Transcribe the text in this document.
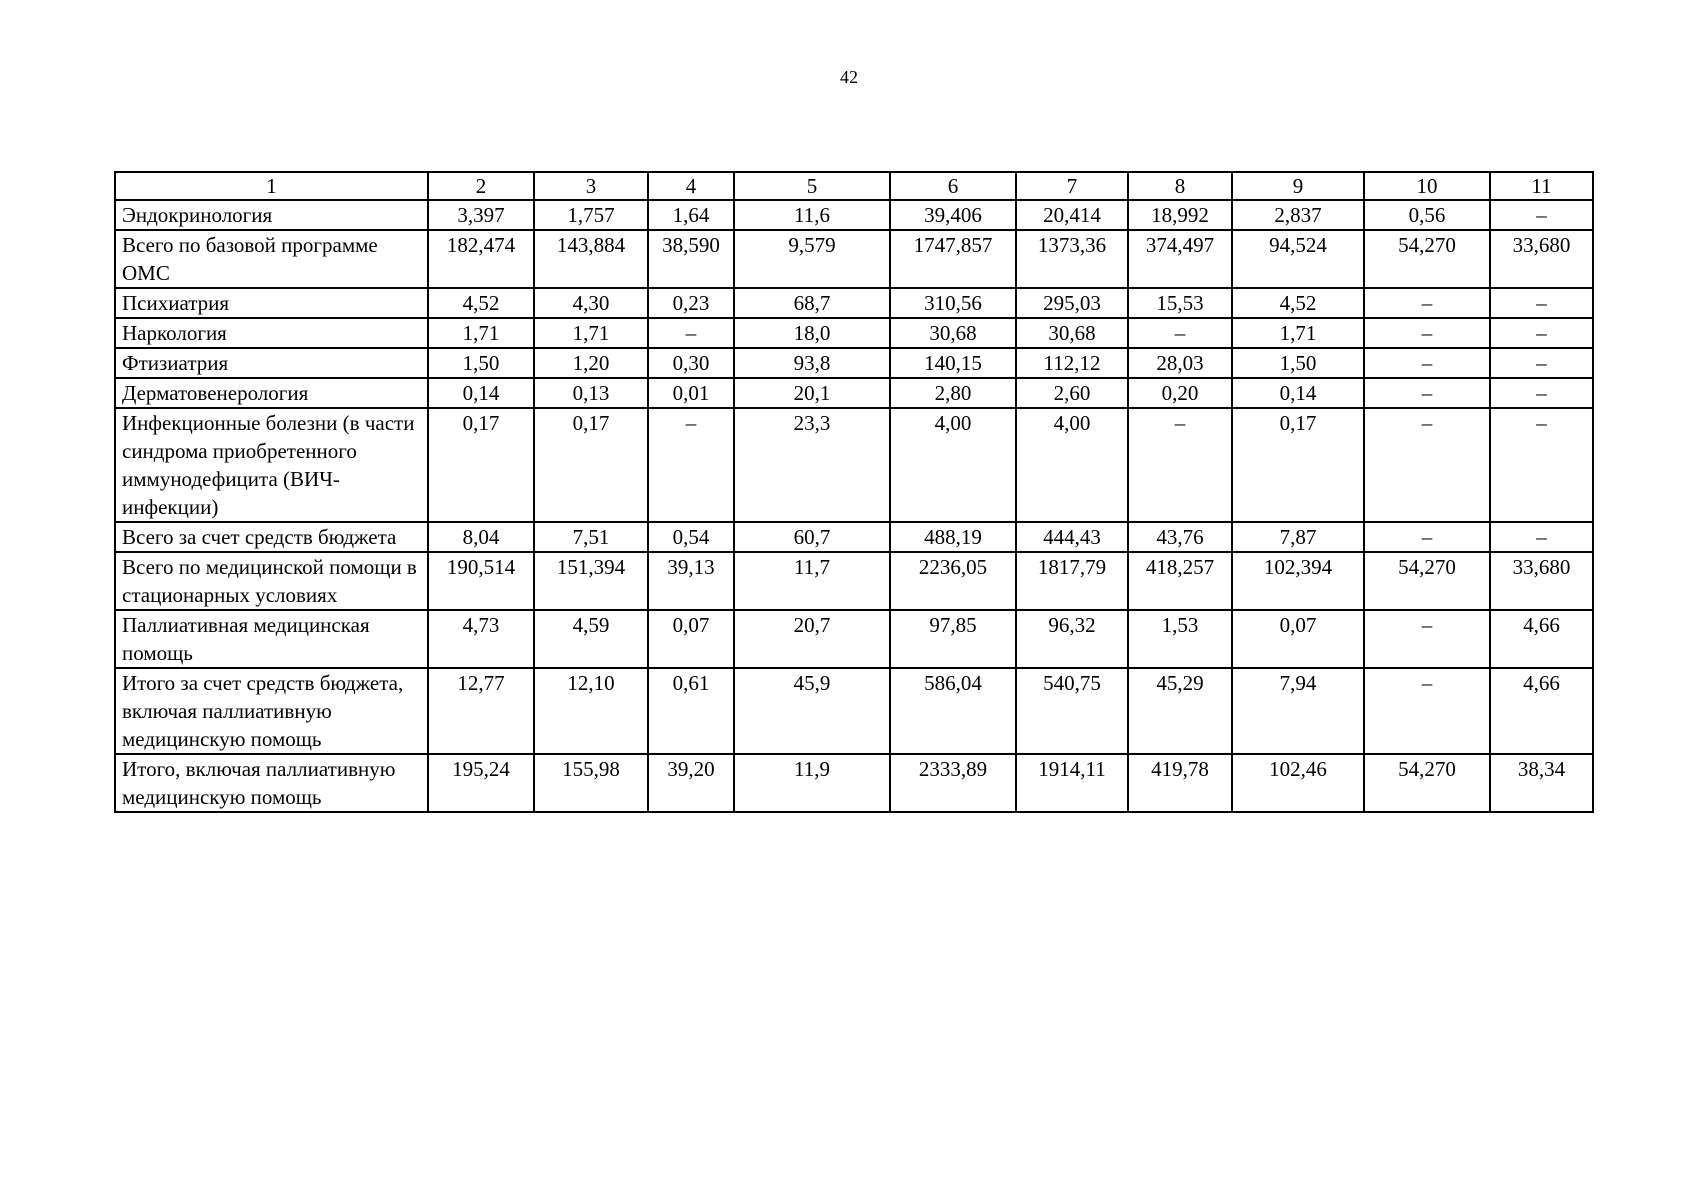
42
1	2	3	4	5	6	7	8	9	10	11
Эндокринология	3,397	1,757	1,64	11,6	39,406	20,414	18,992	2,837	0,56	–
Всего по базовой программе ОМС	182,474	143,884	38,590	9,579	1747,857	1373,36	374,497	94,524	54,270	33,680
Психиатрия	4,52	4,30	0,23	68,7	310,56	295,03	15,53	4,52	–	–
Наркология	1,71	1,71	–	18,0	30,68	30,68	–	1,71	–	–
Фтизиатрия	1,50	1,20	0,30	93,8	140,15	112,12	28,03	1,50	–	–
Дерматовенерология	0,14	0,13	0,01	20,1	2,80	2,60	0,20	0,14	–	–
Инфекционные болезни (в части синдрома приобретенного иммунодефицита (ВИЧ-инфекции)	0,17	0,17	–	23,3	4,00	4,00	–	0,17	–	–
Всего за счет средств бюджета	8,04	7,51	0,54	60,7	488,19	444,43	43,76	7,87	–	–
Всего по медицинской помощи в стационарных условиях	190,514	151,394	39,13	11,7	2236,05	1817,79	418,257	102,394	54,270	33,680
Паллиативная медицинская помощь	4,73	4,59	0,07	20,7	97,85	96,32	1,53	0,07	–	4,66
Итого за счет средств бюджета, включая паллиативную медицинскую помощь	12,77	12,10	0,61	45,9	586,04	540,75	45,29	7,94	–	4,66
Итого, включая паллиативную медицинскую помощь	195,24	155,98	39,20	11,9	2333,89	1914,11	419,78	102,46	54,270	38,34
